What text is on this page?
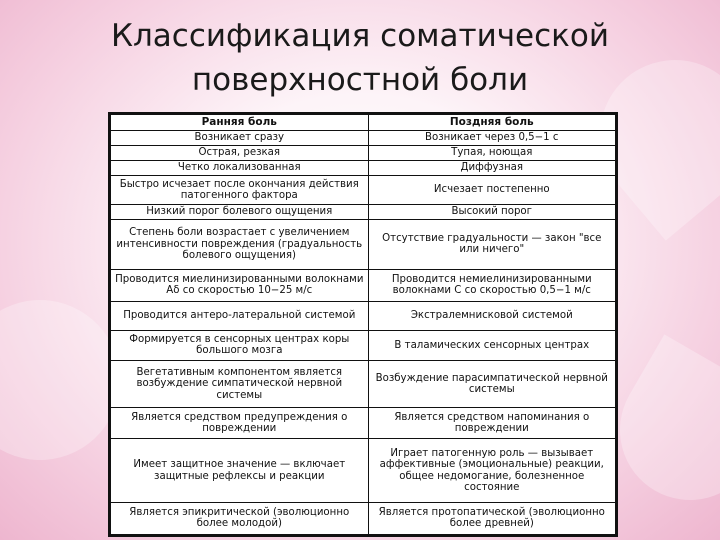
Классификация соматической
поверхностной боли
Ранняя боль	Поздняя боль
Возникает сразу	Возникает через 0,5−1 с
Острая, резкая	Тупая, ноющая
Четко локализованная	Диффузная
Быстро исчезает после окончания действия патогенного фактора	Исчезает постепенно
Низкий порог болевого ощущения	Высокий порог
Степень боли возрастает с увеличением интенсивности повреждения (градуальность болевого ощущения)	Отсутствие градуальности — закон "все или ничего"
Проводится миелинизированными волокнами Aδ со скоростью 10−25 м/с	Проводится немиелинизированными волокнами С со скоростью 0,5−1 м/с
Проводится антеро-латеральной системой	Экстралемнисковой системой
Формируется в сенсорных центрах коры большого мозга	В таламических сенсорных центрах
Вегетативным компонентом является возбуждение симпатической нервной системы	Возбуждение парасимпатической нервной системы
Является средством предупреждения о повреждении	Является средством напоминания о повреждении
Имеет защитное значение — включает защитные рефлексы и реакции	Играет патогенную роль — вызывает аффективные (эмоциональные) реакции, общее недомогание, болезненное состояние
Является эпикритической (эволюционно более молодой)	Является протопатической (эволюционно более древней)
